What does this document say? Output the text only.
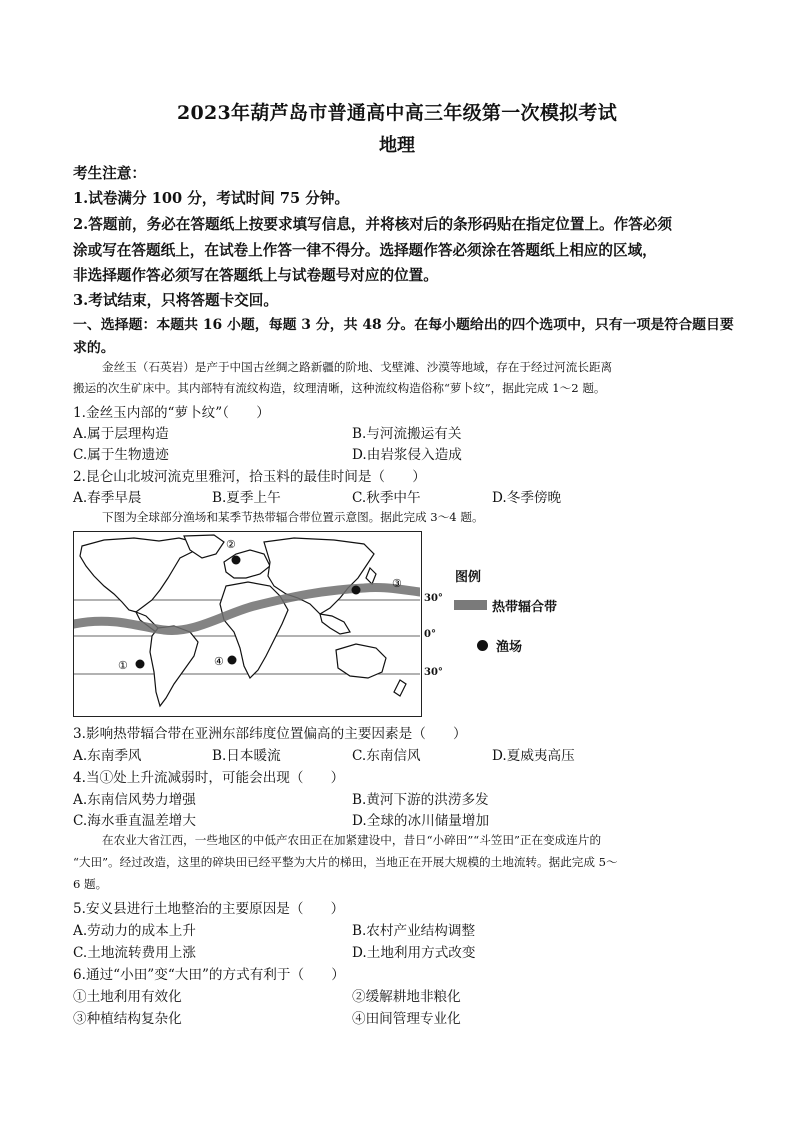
2023年葫芦岛市普通高中高三年级第一次模拟考试
地理
考生注意：
1.试卷满分 100 分，考试时间 75 分钟。
2.答题前，务必在答题纸上按要求填写信息，并将核对后的条形码贴在指定位置上。作答必须
涂或写在答题纸上，在试卷上作答一律不得分。选择题作答必须涂在答题纸上相应的区域，
非选择题作答必须写在答题纸上与试卷题号对应的位置。
3.考试结束，只将答题卡交回。
一、选择题：本题共 16 小题，每题 3 分，共 48 分。在每小题给出的四个选项中，只有一项是符合题目要
求的。
金丝玉（石英岩）是产于中国古丝绸之路新疆的阶地、戈壁滩、沙漠等地域，存在于经过河流长距离
搬运的次生矿床中。其内部特有流纹构造，纹理清晰，这种流纹构造俗称“萝卜纹”，据此完成 1～2 题。
1.金丝玉内部的“萝卜纹”（　　）
A.属于层理构造	B.与河流搬运有关
C.属于生物遗迹	D.由岩浆侵入造成
2.昆仑山北坡河流克里雅河，拾玉料的最佳时间是（　　）
A.春季早晨	B.夏季上午	C.秋季中午	D.冬季傍晚
下图为全球部分渔场和某季节热带辐合带位置示意图。据此完成 3～4 题。
①
②
③
④
30°
0°
30°
图例
热带辐合带
渔场
3.影响热带辐合带在亚洲东部纬度位置偏高的主要因素是（　　）
A.东南季风	B.日本暖流	C.东南信风	D.夏威夷高压
4.当①处上升流减弱时，可能会出现（　　）
A.东南信风势力增强	B.黄河下游的洪涝多发
C.海水垂直温差增大	D.全球的冰川储量增加
在农业大省江西，一些地区的中低产农田正在加紧建设中，昔日“小碎田”“斗笠田”正在变成连片的
“大田”。经过改造，这里的碎块田已经平整为大片的梯田，当地正在开展大规模的土地流转。据此完成 5～
6 题。
5.安义县进行土地整治的主要原因是（　　）
A.劳动力的成本上升	B.农村产业结构调整
C.土地流转费用上涨	D.土地利用方式改变
6.通过“小田”变“大田”的方式有利于（　　）
①土地利用有效化	②缓解耕地非粮化
③种植结构复杂化	④田间管理专业化
